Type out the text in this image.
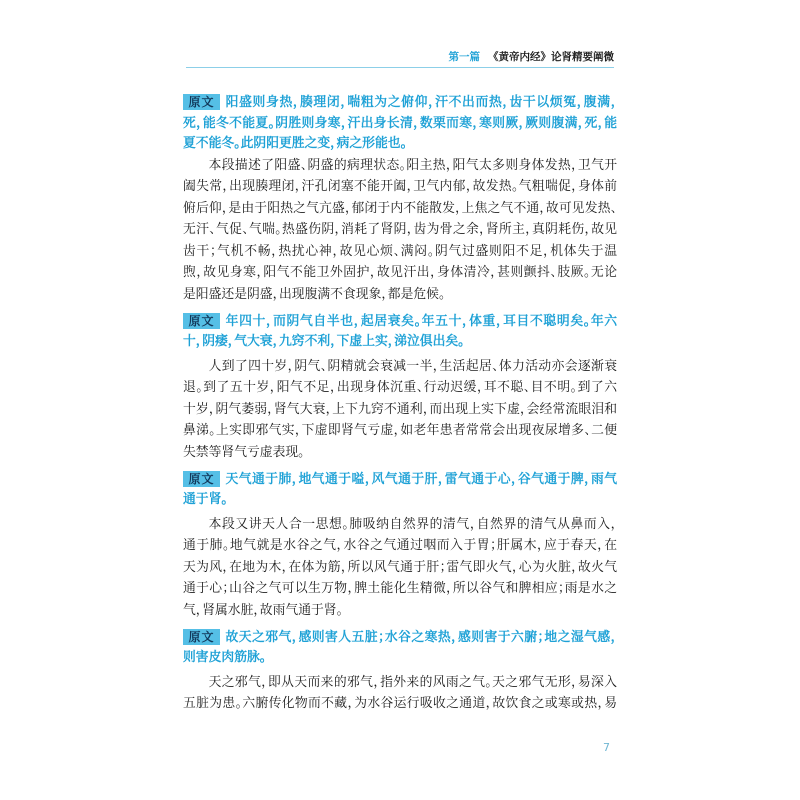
第一篇 《黄帝内经》论肾精要阐微
原文 阳盛则身热，腠理闭，喘粗为之俯仰，汗不出而热，齿干以烦冤，腹满，
死，能冬不能夏。阴胜则身寒，汗出身长清，数栗而寒，寒则厥，厥则腹满，死，能
夏不能冬。此阴阳更胜之变，病之形能也。
本段描述了阳盛、阴盛的病理状态。阳主热，阳气太多则身体发热，卫气开
阖失常，出现腠理闭，汗孔闭塞不能开阖，卫气内郁，故发热。气粗喘促，身体前
俯后仰，是由于阳热之气亢盛，郁闭于内不能散发，上焦之气不通，故可见发热、
无汗、气促、气喘。热盛伤阴，消耗了肾阴，齿为骨之余，肾所主，真阴耗伤，故见
齿干；气机不畅，热扰心神，故见心烦、满闷。阴气过盛则阳不足，机体失于温
煦，故见身寒，阳气不能卫外固护，故见汗出，身体清冷，甚则颤抖、肢厥。无论
是阳盛还是阴盛，出现腹满不食现象，都是危候。
原文 年四十，而阴气自半也，起居衰矣。年五十，体重，耳目不聪明矣。年六
十，阴痿，气大衰，九窍不利，下虚上实，涕泣俱出矣。
人到了四十岁，阴气、阴精就会衰减一半，生活起居、体力活动亦会逐渐衰
退。到了五十岁，阳气不足，出现身体沉重、行动迟缓，耳不聪、目不明。到了六
十岁，阴气萎弱，肾气大衰，上下九窍不通利，而出现上实下虚，会经常流眼泪和
鼻涕。上实即邪气实，下虚即肾气亏虚，如老年患者常常会出现夜尿增多、二便
失禁等肾气亏虚表现。
原文 天气通于肺，地气通于嗌，风气通于肝，雷气通于心，谷气通于脾，雨气
通于肾。
本段又讲天人合一思想。肺吸纳自然界的清气，自然界的清气从鼻而入，
通于肺。地气就是水谷之气，水谷之气通过咽而入于胃；肝属木，应于春天，在
天为风，在地为木，在体为筋，所以风气通于肝；雷气即火气，心为火脏，故火气
通于心；山谷之气可以生万物，脾土能化生精微，所以谷气和脾相应；雨是水之
气，肾属水脏，故雨气通于肾。
原文 故天之邪气，感则害人五脏；水谷之寒热，感则害于六腑；地之湿气感，
则害皮肉筋脉。
天之邪气，即从天而来的邪气，指外来的风雨之气。天之邪气无形，易深入
五脏为患。六腑传化物而不藏，为水谷运行吸收之通道，故饮食之或寒或热，易
7
